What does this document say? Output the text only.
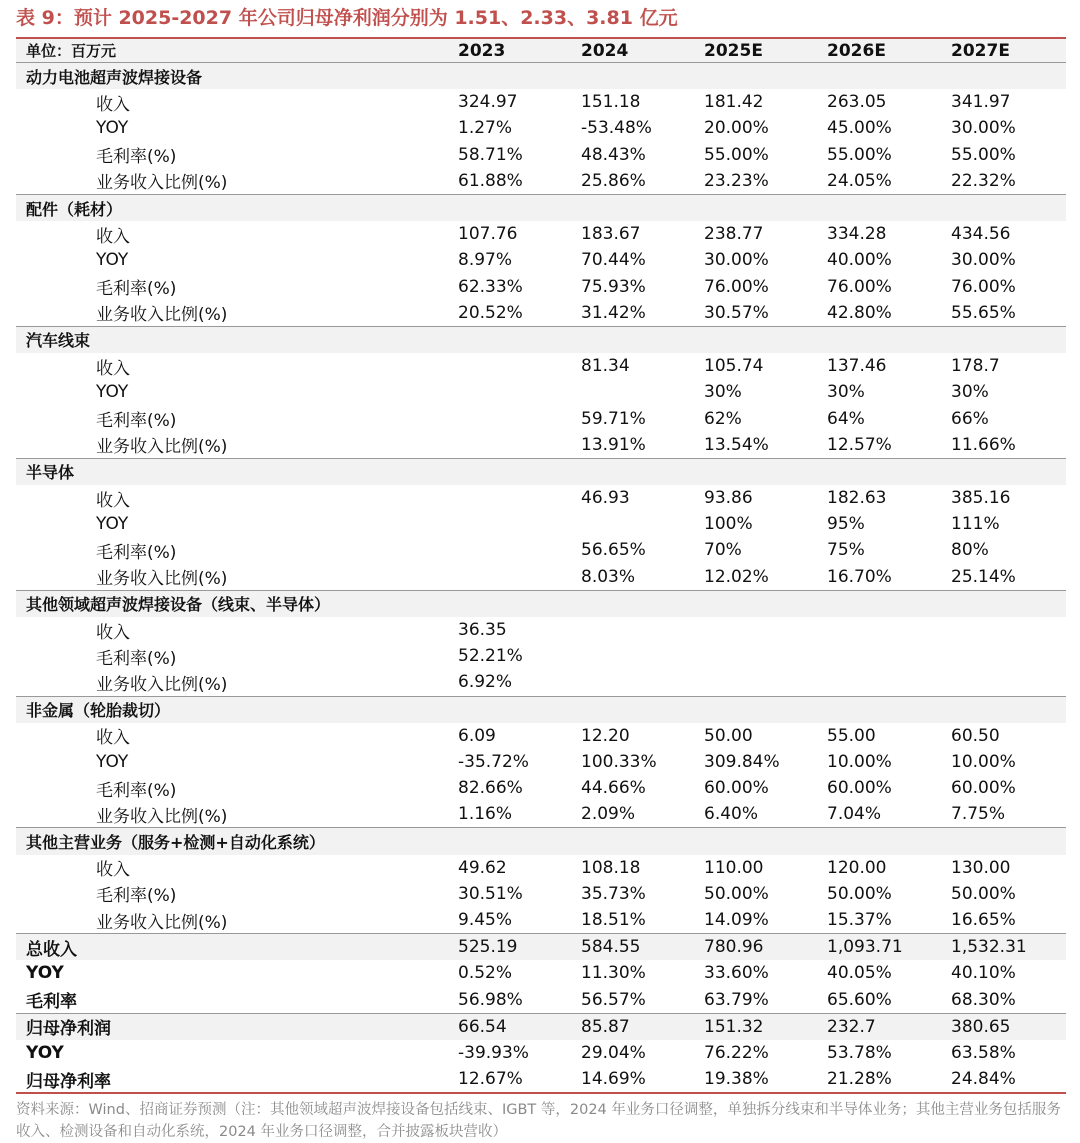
表 9：预计 2025-2027 年公司归母净利润分别为 1.51、2.33、3.81 亿元
单位：百万元	2023	2024	2025E	2026E	2027E
动力电池超声波焊接设备					
收入	324.97	151.18	181.42	263.05	341.97
YOY	1.27%	-53.48%	20.00%	45.00%	30.00%
毛利率(%)	58.71%	48.43%	55.00%	55.00%	55.00%
业务收入比例(%)	61.88%	25.86%	23.23%	24.05%	22.32%
配件（耗材）					
收入	107.76	183.67	238.77	334.28	434.56
YOY	8.97%	70.44%	30.00%	40.00%	30.00%
毛利率(%)	62.33%	75.93%	76.00%	76.00%	76.00%
业务收入比例(%)	20.52%	31.42%	30.57%	42.80%	55.65%
汽车线束					
收入		81.34	105.74	137.46	178.7
YOY			30%	30%	30%
毛利率(%)		59.71%	62%	64%	66%
业务收入比例(%)		13.91%	13.54%	12.57%	11.66%
半导体					
收入		46.93	93.86	182.63	385.16
YOY			100%	95%	111%
毛利率(%)		56.65%	70%	75%	80%
业务收入比例(%)		8.03%	12.02%	16.70%	25.14%
其他领域超声波焊接设备（线束、半导体）					
收入	36.35				
毛利率(%)	52.21%				
业务收入比例(%)	6.92%				
非金属（轮胎裁切）					
收入	6.09	12.20	50.00	55.00	60.50
YOY	-35.72%	100.33%	309.84%	10.00%	10.00%
毛利率(%)	82.66%	44.66%	60.00%	60.00%	60.00%
业务收入比例(%)	1.16%	2.09%	6.40%	7.04%	7.75%
其他主营业务（服务+检测+自动化系统）					
收入	49.62	108.18	110.00	120.00	130.00
毛利率(%)	30.51%	35.73%	50.00%	50.00%	50.00%
业务收入比例(%)	9.45%	18.51%	14.09%	15.37%	16.65%
总收入	525.19	584.55	780.96	1,093.71	1,532.31
YOY	0.52%	11.30%	33.60%	40.05%	40.10%
毛利率	56.98%	56.57%	63.79%	65.60%	68.30%
归母净利润	66.54	85.87	151.32	232.7	380.65
YOY	-39.93%	29.04%	76.22%	53.78%	63.58%
归母净利率	12.67%	14.69%	19.38%	21.28%	24.84%
资料来源：Wind、招商证券预测（注：其他领域超声波焊接设备包括线束、IGBT 等，2024 年业务口径调整，单独拆分线束和半导体业务；其他主营业务包括服务收入、检测设备和自动化系统，2024 年业务口径调整，合并披露板块营收）
